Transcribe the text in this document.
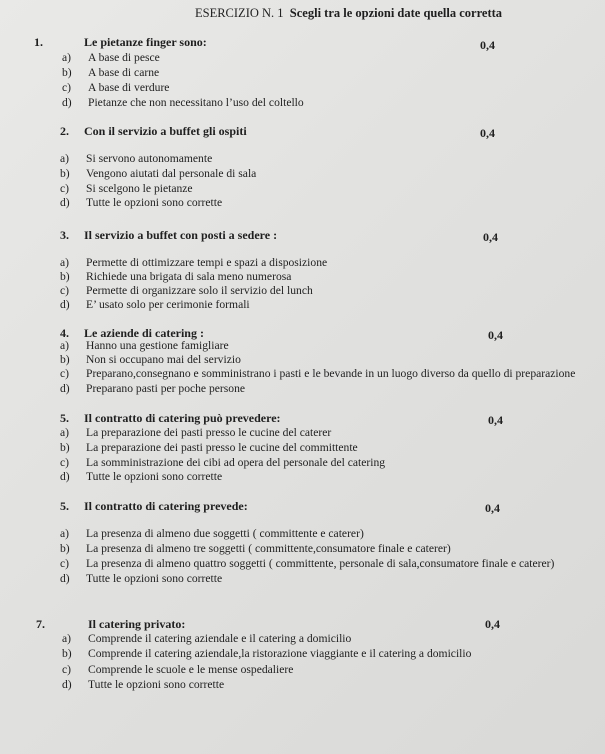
ESERCIZIO N. 1 Scegli tra le opzioni date quella corretta
1.	Le pietanze finger sono:	0,4
a) A base di pesce
b) A base di carne
c) A base di verdure
d) Pietanze che non necessitano l’uso del coltello
2. Con il servizio a buffet gli ospiti	0,4
a) Si servono autonomamente
b) Vengono aiutati dal personale di sala
c) Si scelgono le pietanze
d) Tutte le opzioni sono corrette
3. Il servizio a buffet con posti a sedere :	0,4
a) Permette di ottimizzare tempi e spazi a disposizione
b) Richiede una brigata di sala meno numerosa
c) Permette di organizzare solo il servizio del lunch
d) E’ usato solo per cerimonie formali
4. Le aziende di catering :	0,4
a) Hanno una gestione famigliare
b) Non si occupano mai del servizio
c) Preparano,consegnano e somministrano i pasti e le bevande in un luogo diverso da quello di preparazione
d) Preparano pasti per poche persone
5. Il contratto di catering può prevedere:	0,4
a) La preparazione dei pasti presso le cucine del caterer
b) La preparazione dei pasti presso le cucine del committente
c) La somministrazione dei cibi ad opera del personale del catering
d) Tutte le opzioni sono corrette
5. Il contratto di catering prevede:	0,4
a) La presenza di almeno due soggetti ( committente e caterer)
b) La presenza di almeno tre soggetti ( committente,consumatore finale e caterer)
c) La presenza di almeno quattro soggetti ( committente, personale di sala,consumatore finale e caterer)
d) Tutte le opzioni sono corrette
7.	Il catering privato:	0,4
a) Comprende il catering aziendale e il catering a domicilio
b) Comprende il catering aziendale,la ristorazione viaggiante e il catering a domicilio
c) Comprende le scuole e le mense ospedaliere
d) Tutte le opzioni sono corrette
